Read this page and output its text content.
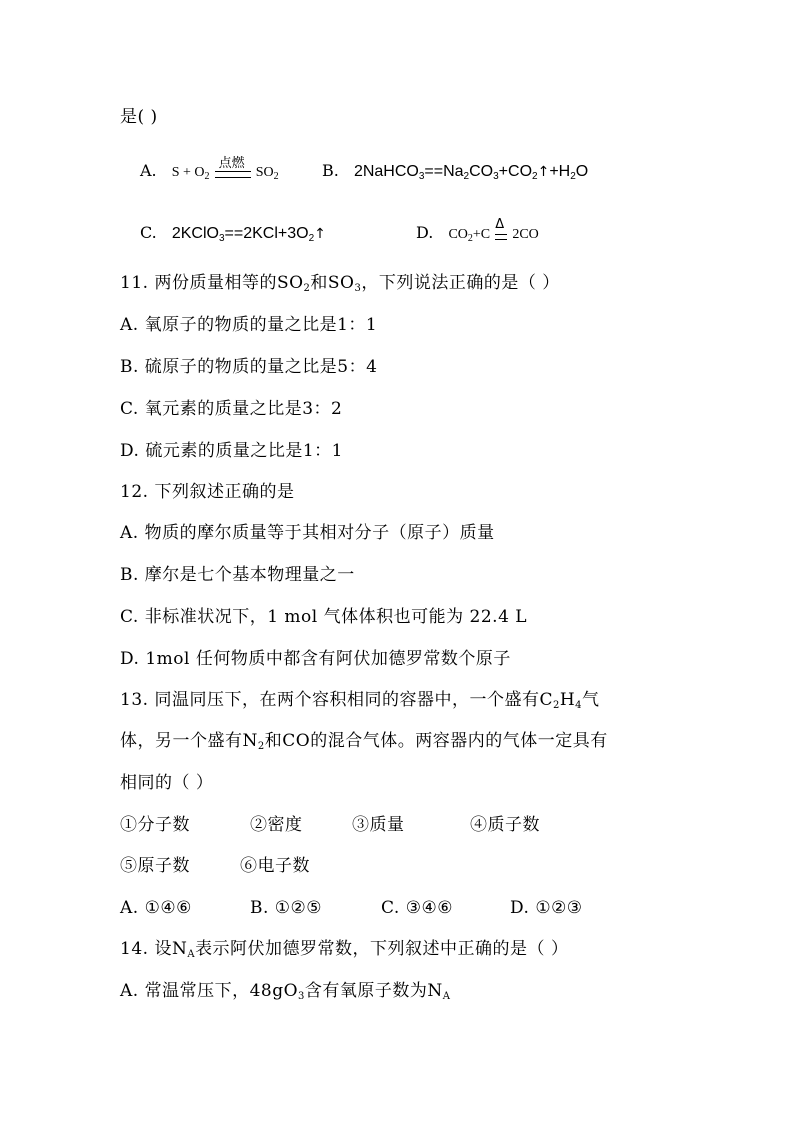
是( )
A. $S + O_2$
点燃
$SO_2$	B. $2NaHCO_3==Na_2CO_3+CO_2↑+H_2O$
C. $2KClO_3==2KCl+3O_2↑$	D. $CO_2+C$
Δ
2CO
11. 两份质量相等的$SO_2$和$SO_3$，下列说法正确的是（ ）
A. 氧原子的物质的量之比是1：1
B. 硫原子的物质的量之比是5：4
C. 氧元素的质量之比是3：2
D. 硫元素的质量之比是1：1
12. 下列叙述正确的是
A. 物质的摩尔质量等于其相对分子（原子）质量
B. 摩尔是七个基本物理量之一
C. 非标准状况下，1 mol 气体体积也可能为 22.4 L
D. 1mol 任何物质中都含有阿伏加德罗常数个原子
13. 同温同压下，在两个容积相同的容器中，一个盛有$C_2H_4$气
体，另一个盛有$N_2$和CO的混合气体。两容器内的气体一定具有
相同的（ ）
①分子数	②密度	③质量	④质子数
⑤原子数	⑥电子数
A. ①④⑥	B. ①②⑤	C. ③④⑥	D. ①②③
14. 设$N_A$表示阿伏加德罗常数，下列叙述中正确的是（ ）
A. 常温常压下，$48gO_3$含有氧原子数为$N_A$
